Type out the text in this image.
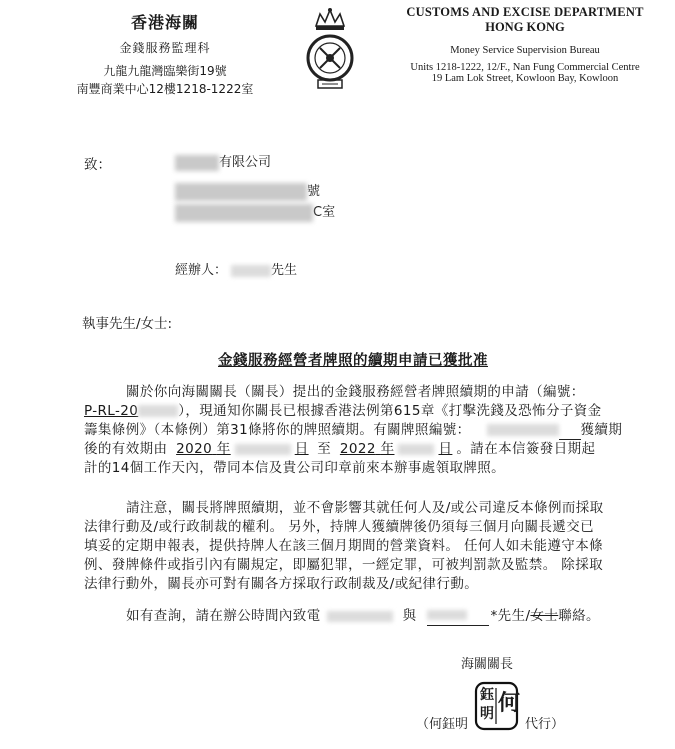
香港海關
金錢服務監理科
九龍九龍灣臨樂街19號
南豐商業中心12樓1218-1222室
CUSTOMS AND EXCISE DEPARTMENT
HONG KONG
Money Service Supervision Bureau
Units 1218-1222, 12/F., Nan Fung Commercial Centre
19 Lam Lok Street, Kowloon Bay, Kowloon
致：	有限公司
號
C室
經辦人：	先生
執事先生/女士:
金錢服務經營者牌照的續期申請已獲批准
關於你向海關關長（關長）提出的金錢服務經營者牌照續期的申請（編號：
P-RL-20	），現通知你關長已根據香港法例第615章《打擊洗錢及恐怖分子資金
籌集條例》（本條例）第31條將你的牌照續期。有關牌照編號：	獲續期
後的有效期由 2020 年	日 至 2022 年	日 。請在本信簽發日期起
計的14個工作天內，帶同本信及貴公司印章前來本辦事處領取牌照。
請注意，關長將牌照續期，並不會影響其就任何人及/或公司違反本條例而採取
法律行動及/或行政制裁的權利。 另外，持牌人獲續牌後仍須每三個月向關長遞交已
填妥的定期申報表，提供持牌人在該三個月期間的營業資料。 任何人如未能遵守本條
例、發牌條件或指引內有關規定，即屬犯罪，一經定罪，可被判罰款及監禁。 除採取
法律行動外，關長亦可對有關各方採取行政制裁及/或紀律行動。
如有查詢，請在辦公時間內致電	與	*先生/女士聯絡。
海關關長
（何鈺明
鈺
明 何
代行）
